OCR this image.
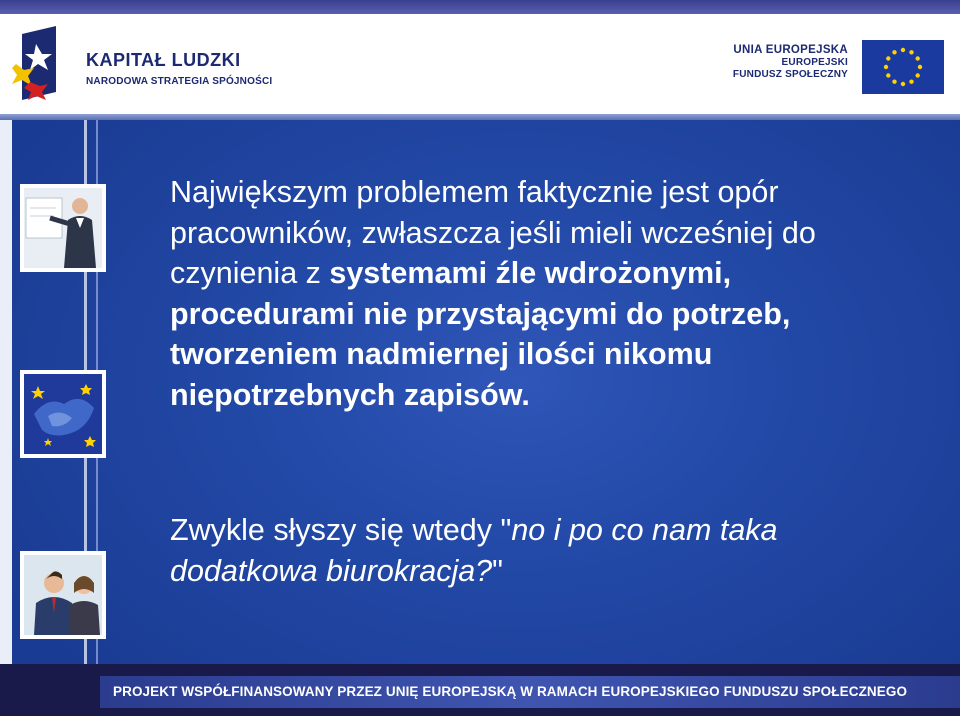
KAPITAŁ LUDZKI
NARODOWA STRATEGIA SPÓJNOŚCI
UNIA EUROPEJSKA
EUROPEJSKI
FUNDUSZ SPOŁECZNY
Największym problemem faktycznie jest opór pracowników, zwłaszcza jeśli mieli wcześniej do czynienia z systemami źle wdrożonymi, procedurami nie przystającymi do potrzeb, tworzeniem nadmiernej ilości nikomu niepotrzebnych zapisów.
Zwykle słyszy się wtedy "no i po co nam taka dodatkowa biurokracja?"
PROJEKT WSPÓŁFINANSOWANY PRZEZ UNIĘ EUROPEJSKĄ W RAMACH EUROPEJSKIEGO FUNDUSZU SPOŁECZNEGO
